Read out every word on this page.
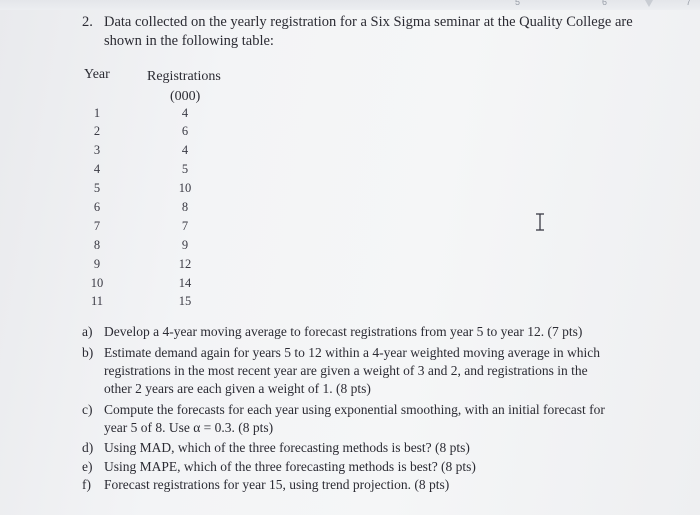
5	6	7
2. Data collected on the yearly registration for a Six Sigma seminar at the Quality College are
shown in the following table:
Year	Registrations
(000)
1	4
2	6
3	4
4	5
5	10
6	8
7	7
8	9
9	12
10	14
11	15
a) Develop a 4-year moving average to forecast registrations from year 5 to year 12. (7 pts)
b) Estimate demand again for years 5 to 12 within a 4-year weighted moving average in which
registrations in the most recent year are given a weight of 3 and 2, and registrations in the
other 2 years are each given a weight of 1. (8 pts)
c) Compute the forecasts for each year using exponential smoothing, with an initial forecast for
year 5 of 8. Use α = 0.3. (8 pts)
d) Using MAD, which of the three forecasting methods is best? (8 pts)
e) Using MAPE, which of the three forecasting methods is best? (8 pts)
f) Forecast registrations for year 15, using trend projection. (8 pts)
